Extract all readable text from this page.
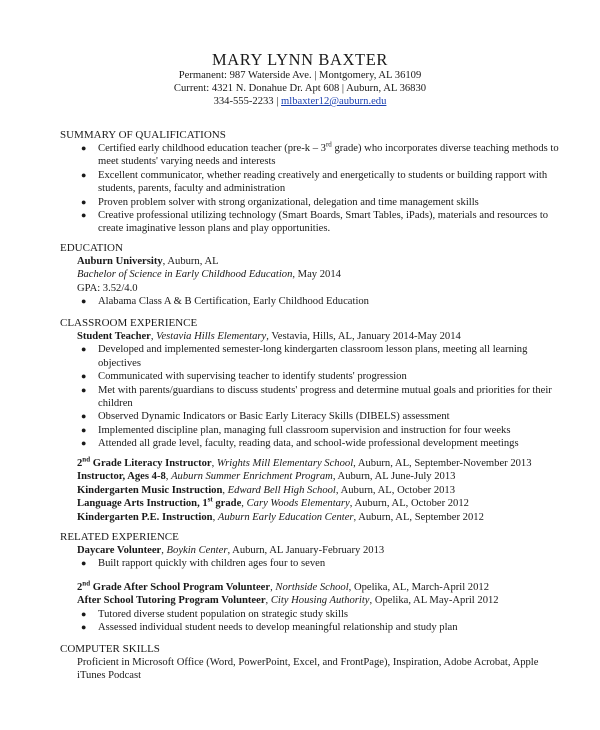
MARY LYNN BAXTER
Permanent: 987 Waterside Ave. | Montgomery, AL 36109
Current: 4321 N. Donahue Dr. Apt 608 | Auburn, AL 36830
334-555-2233 | mlbaxter12@auburn.edu
SUMMARY OF QUALIFICATIONS
● Certified early childhood education teacher (pre-k – 3rd grade) who incorporates diverse teaching methods to meet students' varying needs and interests
● Excellent communicator, whether reading creatively and energetically to students or building rapport with students, parents, faculty and administration
● Proven problem solver with strong organizational, delegation and time management skills
● Creative professional utilizing technology (Smart Boards, Smart Tables, iPads), materials and resources to create imaginative lesson plans and play opportunities.
EDUCATION
Auburn University, Auburn, AL
Bachelor of Science in Early Childhood Education, May 2014
GPA: 3.52/4.0
● Alabama Class A & B Certification, Early Childhood Education
CLASSROOM EXPERIENCE
Student Teacher, Vestavia Hills Elementary, Vestavia, Hills, AL, January 2014-May 2014
● Developed and implemented semester-long kindergarten classroom lesson plans, meeting all learning objectives
● Communicated with supervising teacher to identify students' progression
● Met with parents/guardians to discuss students' progress and determine mutual goals and priorities for their children
● Observed Dynamic Indicators or Basic Early Literacy Skills (DIBELS) assessment
● Implemented discipline plan, managing full classroom supervision and instruction for four weeks
● Attended all grade level, faculty, reading data, and school-wide professional development meetings
2nd Grade Literacy Instructor, Wrights Mill Elementary School, Auburn, AL, September-November 2013
Instructor, Ages 4-8, Auburn Summer Enrichment Program, Auburn, AL June-July 2013
Kindergarten Music Instruction, Edward Bell High School, Auburn, AL, October 2013
Language Arts Instruction, 1st grade, Cary Woods Elementary, Auburn, AL, October 2012
Kindergarten P.E. Instruction, Auburn Early Education Center, Auburn, AL, September 2012
RELATED EXPERIENCE
Daycare Volunteer, Boykin Center, Auburn, AL January-February 2013
● Built rapport quickly with children ages four to seven
2nd Grade After School Program Volunteer, Northside School, Opelika, AL, March-April 2012
After School Tutoring Program Volunteer, City Housing Authority, Opelika, AL May-April 2012
● Tutored diverse student population on strategic study skills
● Assessed individual student needs to develop meaningful relationship and study plan
COMPUTER SKILLS
Proficient in Microsoft Office (Word, PowerPoint, Excel, and FrontPage), Inspiration, Adobe Acrobat, Apple
iTunes Podcast
